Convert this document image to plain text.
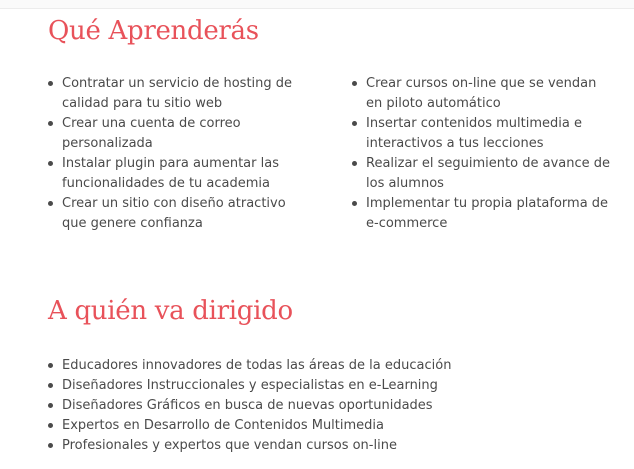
Qué Aprenderás
Contratar un servicio de hosting de calidad para tu sitio web
Crear una cuenta de correo personalizada
Instalar plugin para aumentar las funcionalidades de tu academia
Crear un sitio con diseño atractivo que genere confianza
Crear cursos on-line que se vendan en piloto automático
Insertar contenidos multimedia e interactivos a tus lecciones
Realizar el seguimiento de avance de los alumnos
Implementar tu propia plataforma de e-commerce
A quién va dirigido
Educadores innovadores de todas las áreas de la educación
Diseñadores Instruccionales y especialistas en e-Learning
Diseñadores Gráficos en busca de nuevas oportunidades
Expertos en Desarrollo de Contenidos Multimedia
Profesionales y expertos que vendan cursos on-line
